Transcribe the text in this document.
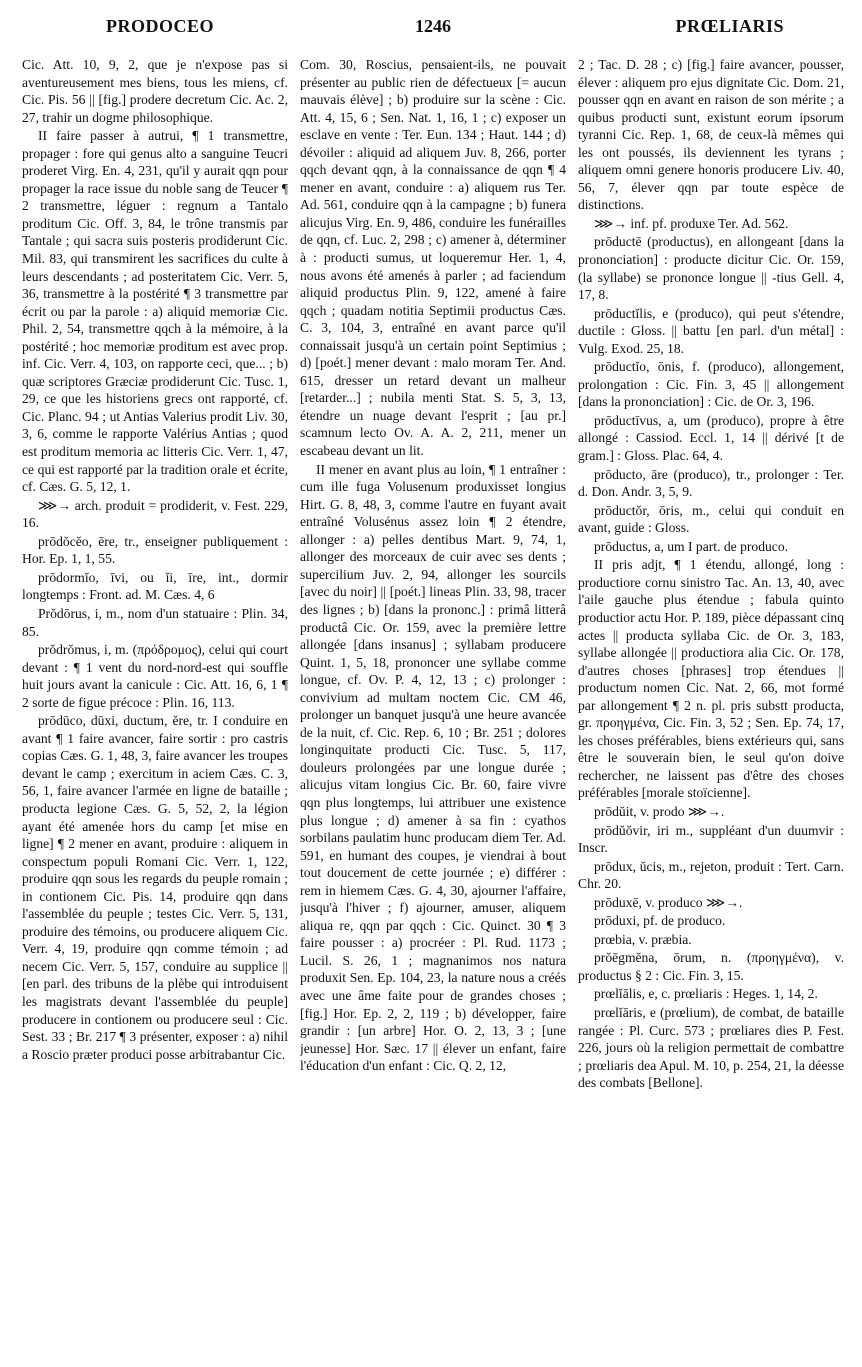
PRODOCEO	1246	PRŒLIARIS

Cic. Att. 10, 9, 2, que je n'expose pas si aventureusement mes biens, tous les miens, cf. Cic. Pis. 56 || [fig.] prodere decretum Cic. Ac. 2, 27, trahir un dogme philosophique.

II faire passer à autrui, ¶ 1 transmettre, propager : fore qui genus alto a sanguine Teucri proderet Virg. En. 4, 231, qu'il y aurait qqn pour propager la race issue du noble sang de Teucer ¶ 2 transmettre, léguer : regnum a Tantalo proditum Cic. Off. 3, 84, le trône transmis par Tantale ; qui sacra suis posteris prodiderunt Cic. Mil. 83, qui transmirent les sacrifices du culte à leurs descendants ; ad posteritatem Cic. Verr. 5, 36, transmettre à la postérité ¶ 3 transmettre par écrit ou par la parole : a) aliquid memoriæ Cic. Phil. 2, 54, transmettre qqch à la mémoire, à la postérité ; hoc memoriæ proditum est avec prop. inf. Cic. Verr. 4, 103, on rapporte ceci, que... ; b) quæ scriptores Græciæ prodiderunt Cic. Tusc. 1, 29, ce que les historiens grecs ont rapporté, cf. Cic. Planc. 94 ; ut Antias Valerius prodit Liv. 30, 3, 6, comme le rapporte Valérius Antias ; quod est proditum memoria ac litteris Cic. Verr. 1, 47, ce qui est rapporté par la tradition orale et écrite, cf. Cæs. G. 5, 12, 1.

⋙→ arch. produit = prodiderit, v. Fest. 229, 16.

prōdŏcĕo, ēre, tr., enseigner publiquement : Hor. Ep. 1, 1, 55.

prōdormĭo, īvi, ou ĭi, īre, int., dormir longtemps : Front. ad. M. Cæs. 4, 6

Prŏdōrus, i, m., nom d'un statuaire : Plin. 34, 85.

prŏdrŏmus, i, m. (πρόδρομος), celui qui court devant : ¶ 1 vent du nord-nord-est qui souffle huit jours avant la canicule : Cic. Att. 16, 6, 1 ¶ 2 sorte de figue précoce : Plin. 16, 113.

prōdūco, dūxi, ductum, ĕre, tr. I conduire en avant ¶ 1 faire avancer, faire sortir : pro castris copias Cæs. G. 1, 48, 3, faire avancer les troupes devant le camp ; exercitum in aciem Cæs. C. 3, 56, 1, faire avancer l'armée en ligne de bataille ; producta legione Cæs. G. 5, 52, 2, la légion ayant été amenée hors du camp [et mise en ligne] ¶ 2 mener en avant, produire : aliquem in conspectum populi Romani Cic. Verr. 1, 122, produire qqn sous les regards du peuple romain ; in contionem Cic. Pis. 14, produire qqn dans l'assemblée du peuple ; testes Cic. Verr. 5, 131, produire des témoins, ou producere aliquem Cic. Verr. 4, 19, produire qqn comme témoin ; ad necem Cic. Verr. 5, 157, conduire au supplice || [en parl. des tribuns de la plèbe qui introduisent les magistrats devant l'assemblée du peuple] producere in contionem ou producere seul : Cic. Sest. 33 ; Br. 217 ¶ 3 présenter, exposer : a) nihil a Roscio præter produci posse arbitrabantur Cic.

Com. 30, Roscius, pensaient-ils, ne pouvait présenter au public rien de défectueux [= aucun mauvais élève] ; b) produire sur la scène : Cic. Att. 4, 15, 6 ; Sen. Nat. 1, 16, 1 ; c) exposer un esclave en vente : Ter. Eun. 134 ; Haut. 144 ; d) dévoiler : aliquid ad aliquem Juv. 8, 266, porter qqch devant qqn, à la connaissance de qqn ¶ 4 mener en avant, conduire : a) aliquem rus Ter. Ad. 561, conduire qqn à la campagne ; b) funera alicujus Virg. En. 9, 486, conduire les funérailles de qqn, cf. Luc. 2, 298 ; c) amener à, déterminer à : producti sumus, ut loqueremur Her. 1, 4, nous avons été amenés à parler ; ad faciendum aliquid productus Plin. 9, 122, amené à faire qqch ; quadam notitia Septimii productus Cæs. C. 3, 104, 3, entraîné en avant parce qu'il connaissait jusqu'à un certain point Septimius ; d) [poét.] mener devant : malo moram Ter. And. 615, dresser un retard devant un malheur [retarder...] ; nubila menti Stat. S. 5, 3, 13, étendre un nuage devant l'esprit ; [au pr.] scamnum lecto Ov. A. A. 2, 211, mener un escabeau devant un lit.

II mener en avant plus au loin, ¶ 1 entraîner : cum ille fuga Volusenum produxisset longius Hirt. G. 8, 48, 3, comme l'autre en fuyant avait entraîné Volusénus assez loin ¶ 2 étendre, allonger : a) pelles dentibus Mart. 9, 74, 1, allonger des morceaux de cuir avec ses dents ; supercilium Juv. 2, 94, allonger les sourcils [avec du noir] || [poét.] lineas Plin. 33, 98, tracer des lignes ; b) [dans la prononc.] : primâ litterâ productâ Cic. Or. 159, avec la première lettre allongée [dans insanus] ; syllabam producere Quint. 1, 5, 18, prononcer une syllabe comme longue, cf. Ov. P. 4, 12, 13 ; c) prolonger : convivium ad multam noctem Cic. CM 46, prolonger un banquet jusqu'à une heure avancée de la nuit, cf. Cic. Rep. 6, 10 ; Br. 251 ; dolores longinquitate producti Cic. Tusc. 5, 117, douleurs prolongées par une longue durée ; alicujus vitam longius Cic. Br. 60, faire vivre qqn plus longtemps, lui attribuer une existence plus longue ; d) amener à sa fin : cyathos sorbilans paulatim hunc producam diem Ter. Ad. 591, en humant des coupes, je viendrai à bout tout doucement de cette journée ; e) différer : rem in hiemem Cæs. G. 4, 30, ajourner l'affaire, jusqu'à l'hiver ; f) ajourner, amuser, aliquem aliqua re, qqn par qqch : Cic. Quinct. 30 ¶ 3 faire pousser : a) procréer : Pl. Rud. 1173 ; Lucil. S. 26, 1 ; magnanimos nos natura produxit Sen. Ep. 104, 23, la nature nous a créés avec une âme faite pour de grandes choses ; [fig.] Hor. Ep. 2, 2, 119 ; b) développer, faire grandir : [un arbre] Hor. O. 2, 13, 3 ; [une jeunesse] Hor. Sæc. 17 || élever un enfant, faire l'éducation d'un enfant : Cic. Q. 2, 12,

2 ; Tac. D. 28 ; c) [fig.] faire avancer, pousser, élever : aliquem pro ejus dignitate Cic. Dom. 21, pousser qqn en avant en raison de son mérite ; a quibus producti sunt, existunt eorum ipsorum tyranni Cic. Rep. 1, 68, de ceux-là mêmes qui les ont poussés, ils deviennent les tyrans ; aliquem omni genere honoris producere Liv. 40, 56, 7, élever qqn par toute espèce de distinctions.

⋙→ inf. pf. produxe Ter. Ad. 562.

prōductē (productus), en allongeant [dans la prononciation] : producte dicitur Cic. Or. 159, (la syllabe) se prononce longue || -tius Gell. 4, 17, 8.

prōductĭlis, e (produco), qui peut s'étendre, ductile : Gloss. || battu [en parl. d'un métal] : Vulg. Exod. 25, 18.

prōductĭo, ōnis, f. (produco), allongement, prolongation : Cic. Fin. 3, 45 || allongement [dans la prononciation] : Cic. de Or. 3, 196.

prōductīvus, a, um (produco), propre à être allongé : Cassiod. Eccl. 1, 14 || dérivé [t de gram.] : Gloss. Plac. 64, 4.

prōducto, āre (produco), tr., prolonger : Ter. d. Don. Andr. 3, 5, 9.

prōductŏr, ōris, m., celui qui conduit en avant, guide : Gloss.

prōductus, a, um I part. de produco.

II pris adjt, ¶ 1 étendu, allongé, long : productiore cornu sinistro Tac. An. 13, 40, avec l'aile gauche plus étendue ; fabula quinto productior actu Hor. P. 189, pièce dépassant cinq actes || producta syllaba Cic. de Or. 3, 183, syllabe allongée || productiora alia Cic. Or. 178, d'autres choses [phrases] trop étendues || productum nomen Cic. Nat. 2, 66, mot formé par allongement ¶ 2 n. pl. pris substt producta, gr. προηγμένα, Cic. Fin. 3, 52 ; Sen. Ep. 74, 17, les choses préférables, biens extérieurs qui, sans être le souverain bien, le seul qu'on doive rechercher, ne laissent pas d'être des choses préférables [morale stoïcienne].

prōdŭit, v. prodo ⋙→.

prōdŭŏvir, iri m., suppléant d'un duumvir : Inscr.

prōdux, ŭcis, m., rejeton, produit : Tert. Carn. Chr. 20.

prōduxē, v. produco ⋙→.

prōduxi, pf. de produco.

prœbia, v. præbia.

prŏēgmĕna, ōrum, n. (προηγμένα), v. productus § 2 : Cic. Fin. 3, 15.

prœlĭālis, e, c. prœliaris : Heges. 1, 14, 2.

prœlĭāris, e (prœlium), de combat, de bataille rangée : Pl. Curc. 573 ; prœliares dies P. Fest. 226, jours où la religion permettait de combattre ; prœliaris dea Apul. M. 10, p. 254, 21, la déesse des combats [Bellone].
